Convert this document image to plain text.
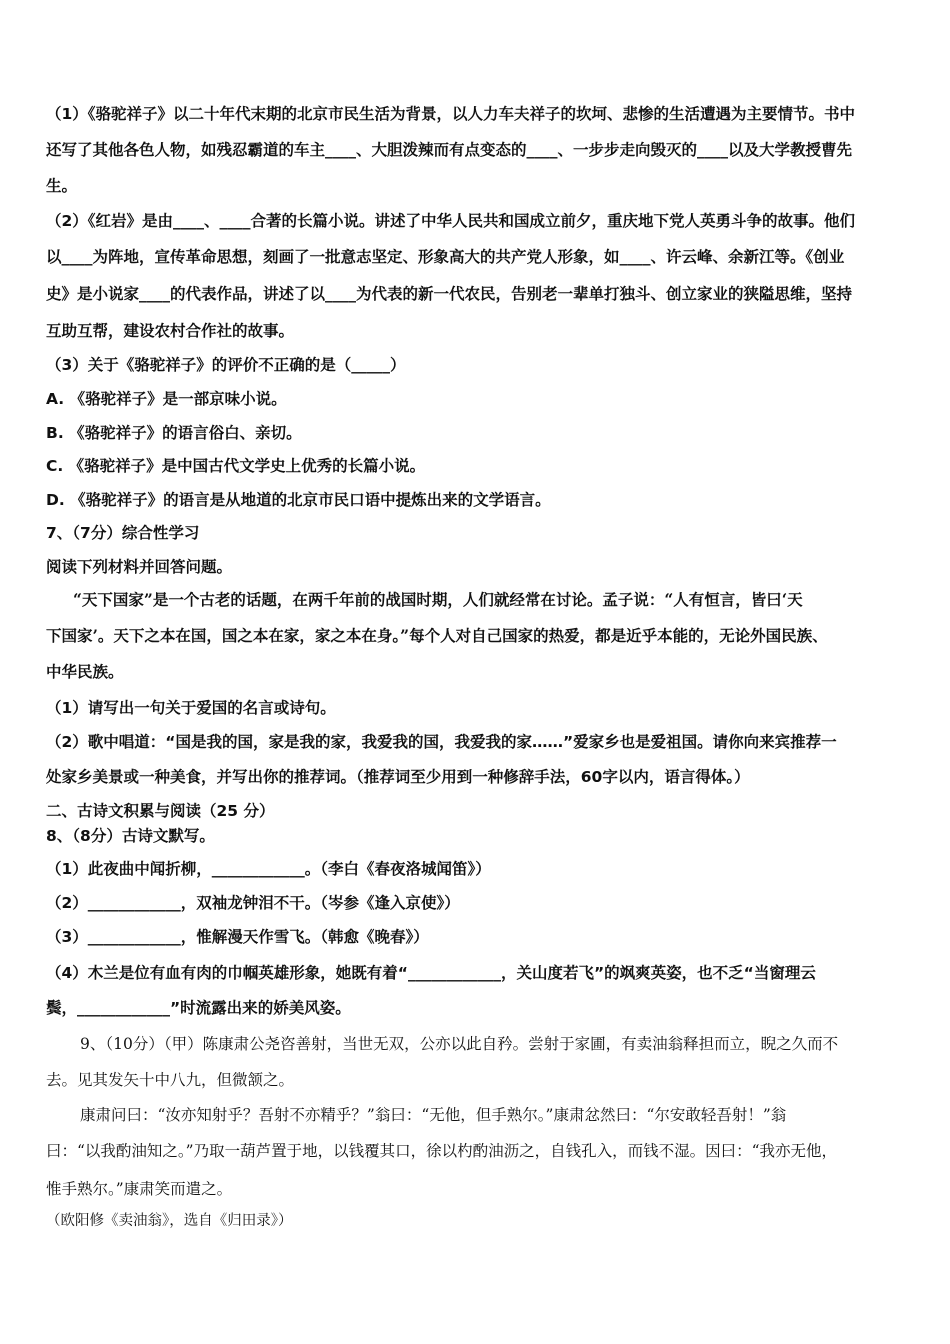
（1）《骆驼祥子》以二十年代末期的北京市民生活为背景，以人力车夫祥子的坎坷、悲惨的生活遭遇为主要情节。书中
还写了其他各色人物，如残忍霸道的车主____、大胆泼辣而有点变态的____、一步步走向毁灭的____以及大学教授曹先
生。
（2）《红岩》是由____、____合著的长篇小说。讲述了中华人民共和国成立前夕，重庆地下党人英勇斗争的故事。他们
以____为阵地，宣传革命思想，刻画了一批意志坚定、形象高大的共产党人形象，如____、许云峰、余新江等。《创业
史》是小说家____的代表作品，讲述了以____为代表的新一代农民，告别老一辈单打独斗、创立家业的狭隘思维，坚持
互助互帮，建设农村合作社的故事。
（3）关于《骆驼祥子》的评价不正确的是（_____）
A. 《骆驼祥子》是一部京味小说。
B. 《骆驼祥子》的语言俗白、亲切。
C. 《骆驼祥子》是中国古代文学史上优秀的长篇小说。
D. 《骆驼祥子》的语言是从地道的北京市民口语中提炼出来的文学语言。
7、（7分）综合性学习
阅读下列材料并回答问题。
“天下国家”是一个古老的话题，在两千年前的战国时期，人们就经常在讨论。孟子说：“人有恒言，皆曰‘天
下国家’。天下之本在国，国之本在家，家之本在身。”每个人对自己国家的热爱，都是近乎本能的，无论外国民族、
中华民族。
（1）请写出一句关于爱国的名言或诗句。
（2）歌中唱道：“国是我的国，家是我的家，我爱我的国，我爱我的家……”爱家乡也是爱祖国。请你向来宾推荐一
处家乡美景或一种美食，并写出你的推荐词。（推荐词至少用到一种修辞手法，60字以内，语言得体。）
二、古诗文积累与阅读（25 分）
8、（8分）古诗文默写。
（1）此夜曲中闻折柳，____________。（李白《春夜洛城闻笛》）
（2）____________，双袖龙钟泪不干。（岑参《逢入京使》）
（3）____________，惟解漫天作雪飞。（韩愈《晚春》）
（4）木兰是位有血有肉的巾帼英雄形象，她既有着“____________，关山度若飞”的飒爽英姿，也不乏“当窗理云
鬓，____________”时流露出来的娇美风姿。
9、（10分）（甲）陈康肃公尧咨善射，当世无双，公亦以此自矜。尝射于家圃，有卖油翁释担而立，睨之久而不
去。见其发矢十中八九，但微颔之。
康肃问曰：“汝亦知射乎？吾射不亦精乎？”翁曰：“无他，但手熟尔。”康肃忿然曰：“尔安敢轻吾射！”翁
曰：“以我酌油知之。”乃取一葫芦置于地，以钱覆其口，徐以杓酌油沥之，自钱孔入，而钱不湿。因曰：“我亦无他，
惟手熟尔。”康肃笑而遣之。
（欧阳修《卖油翁》，选自《归田录》）
